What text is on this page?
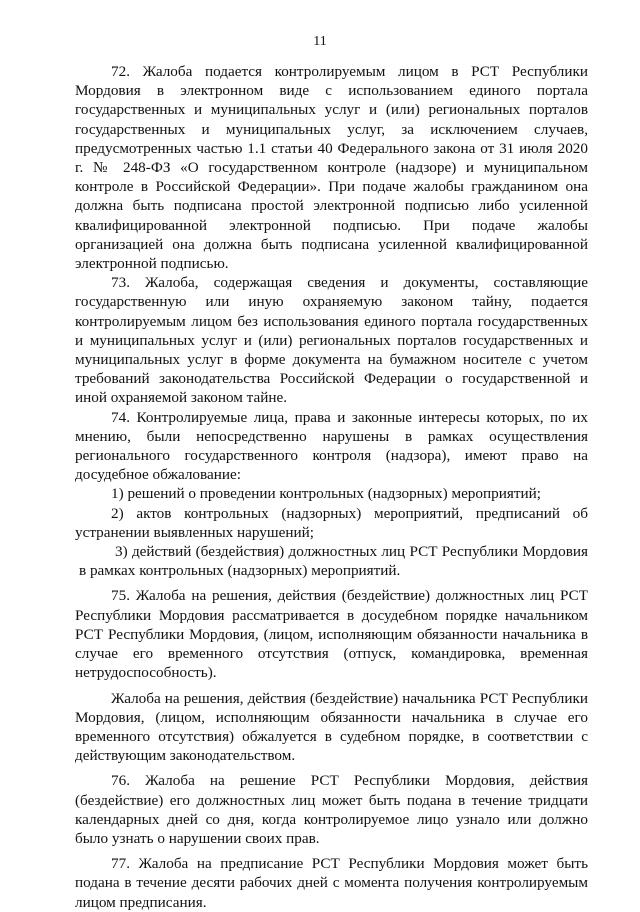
11

72. Жалоба подается контролируемым лицом в РСТ Республики Мордовия в электронном виде с использованием единого портала государственных и муниципальных услуг и (или) региональных порталов государственных и муниципальных услуг, за исключением случаев, предусмотренных частью 1.1 статьи 40 Федерального закона от 31 июля 2020 г. № 248-ФЗ «О государственном контроле (надзоре) и муниципальном контроле в Российской Федерации». При подаче жалобы гражданином она должна быть подписана простой электронной подписью либо усиленной квалифицированной электронной подписью. При подаче жалобы организацией она должна быть подписана усиленной квалифицированной электронной подписью.

73. Жалоба, содержащая сведения и документы, составляющие государственную или иную охраняемую законом тайну, подается контролируемым лицом без использования единого портала государственных и муниципальных услуг и (или) региональных порталов государственных и муниципальных услуг в форме документа на бумажном носителе с учетом требований законодательства Российской Федерации о государственной и иной охраняемой законом тайне.

74. Контролируемые лица, права и законные интересы которых, по их мнению, были непосредственно нарушены в рамках осуществления регионального государственного контроля (надзора), имеют право на досудебное обжалование:

1) решений о проведении контрольных (надзорных) мероприятий;

2) актов контрольных (надзорных) мероприятий, предписаний об устранении выявленных нарушений;

3) действий (бездействия) должностных лиц РСТ Республики Мордовия в рамках контрольных (надзорных) мероприятий.

75. Жалоба на решения, действия (бездействие) должностных лиц РСТ Республики Мордовия рассматривается в досудебном порядке начальником РСТ Республики Мордовия, (лицом, исполняющим обязанности начальника в случае его временного отсутствия (отпуск, командировка, временная нетрудоспособность).

Жалоба на решения, действия (бездействие) начальника РСТ Республики Мордовия, (лицом, исполняющим обязанности начальника в случае его временного отсутствия) обжалуется в судебном порядке, в соответствии с действующим законодательством.

76. Жалоба на решение РСТ Республики Мордовия, действия (бездействие) его должностных лиц может быть подана в течение тридцати календарных дней со дня, когда контролируемое лицо узнало или должно было узнать о нарушении своих прав.

77. Жалоба на предписание РСТ Республики Мордовия может быть подана в течение десяти рабочих дней с момента получения контролируемым лицом предписания.
